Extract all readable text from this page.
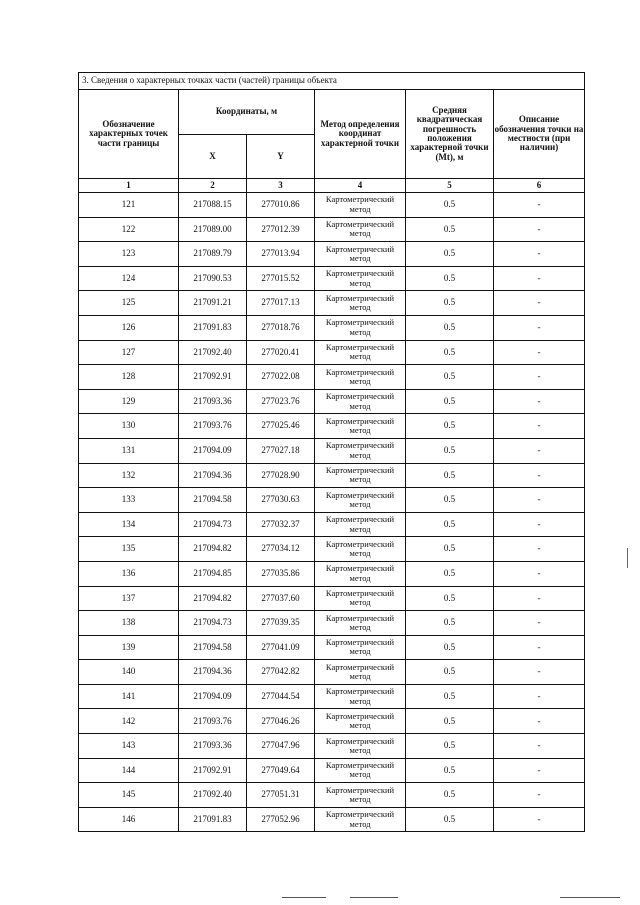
3. Сведения о характерных точках части (частей) границы объекта					
Обозначение характерных точек части границы	Координаты, м		Метод определения координат характерной точки	Средняя квадратическая погрешность положения характерной точки (Mt), м	Описание обозначения точки на местности (при наличии)
	X	Y			
1	2	3	4	5	6
121	217088.15	277010.86	Картометрический метод	0.5	-
122	217089.00	277012.39	Картометрический метод	0.5	-
123	217089.79	277013.94	Картометрический метод	0.5	-
124	217090.53	277015.52	Картометрический метод	0.5	-
125	217091.21	277017.13	Картометрический метод	0.5	-
126	217091.83	277018.76	Картометрический метод	0.5	-
127	217092.40	277020.41	Картометрический метод	0.5	-
128	217092.91	277022.08	Картометрический метод	0.5	-
129	217093.36	277023.76	Картометрический метод	0.5	-
130	217093.76	277025.46	Картометрический метод	0.5	-
131	217094.09	277027.18	Картометрический метод	0.5	-
132	217094.36	277028.90	Картометрический метод	0.5	-
133	217094.58	277030.63	Картометрический метод	0.5	-
134	217094.73	277032.37	Картометрический метод	0.5	-
135	217094.82	277034.12	Картометрический метод	0.5	-
136	217094.85	277035.86	Картометрический метод	0.5	-
137	217094.82	277037.60	Картометрический метод	0.5	-
138	217094.73	277039.35	Картометрический метод	0.5	-
139	217094.58	277041.09	Картометрический метод	0.5	-
140	217094.36	277042.82	Картометрический метод	0.5	-
141	217094.09	277044.54	Картометрический метод	0.5	-
142	217093.76	277046.26	Картометрический метод	0.5	-
143	217093.36	277047.96	Картометрический метод	0.5	-
144	217092.91	277049.64	Картометрический метод	0.5	-
145	217092.40	277051.31	Картометрический метод	0.5	-
146	217091.83	277052.96	Картометрический метод	0.5	-
